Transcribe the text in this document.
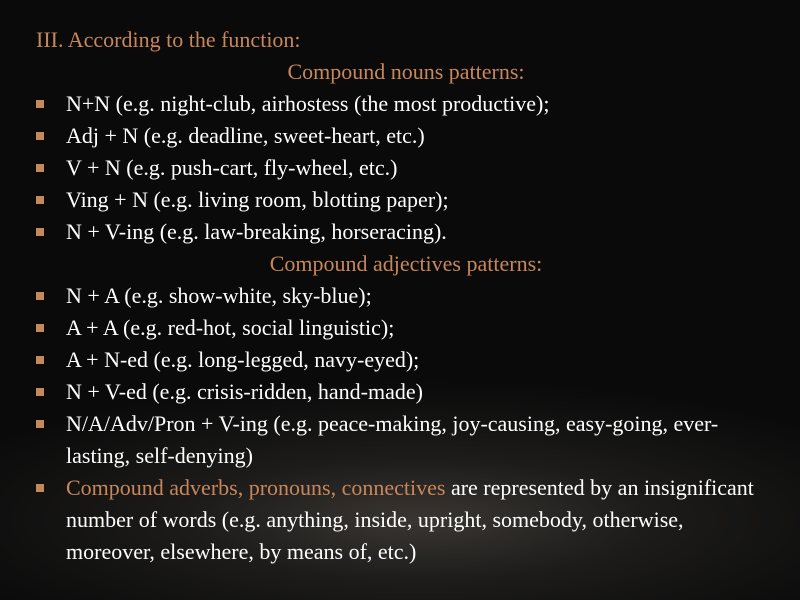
III. According to the function:
Compound nouns patterns:
N+N (e.g. night-club, airhostess (the most productive);
Adj + N (e.g. deadline, sweet-heart, etc.)
V + N (e.g. push-cart, fly-wheel, etc.)
Ving + N (e.g. living room, blotting paper);
N + V-ing (e.g. law-breaking, horseracing).
Compound adjectives patterns:
N + A (e.g. show-white, sky-blue);
A + A (e.g. red-hot, social linguistic);
A + N-ed (e.g. long-legged, navy-eyed);
N + V-ed (e.g. crisis-ridden, hand-made)
N/A/Adv/Pron + V-ing (e.g. peace-making, joy-causing, easy-going, ever-lasting, self-denying)
Compound adverbs, pronouns, connectives are represented by an insignificant number of words (e.g. anything, inside, upright, somebody, otherwise, moreover, elsewhere, by means of, etc.)
